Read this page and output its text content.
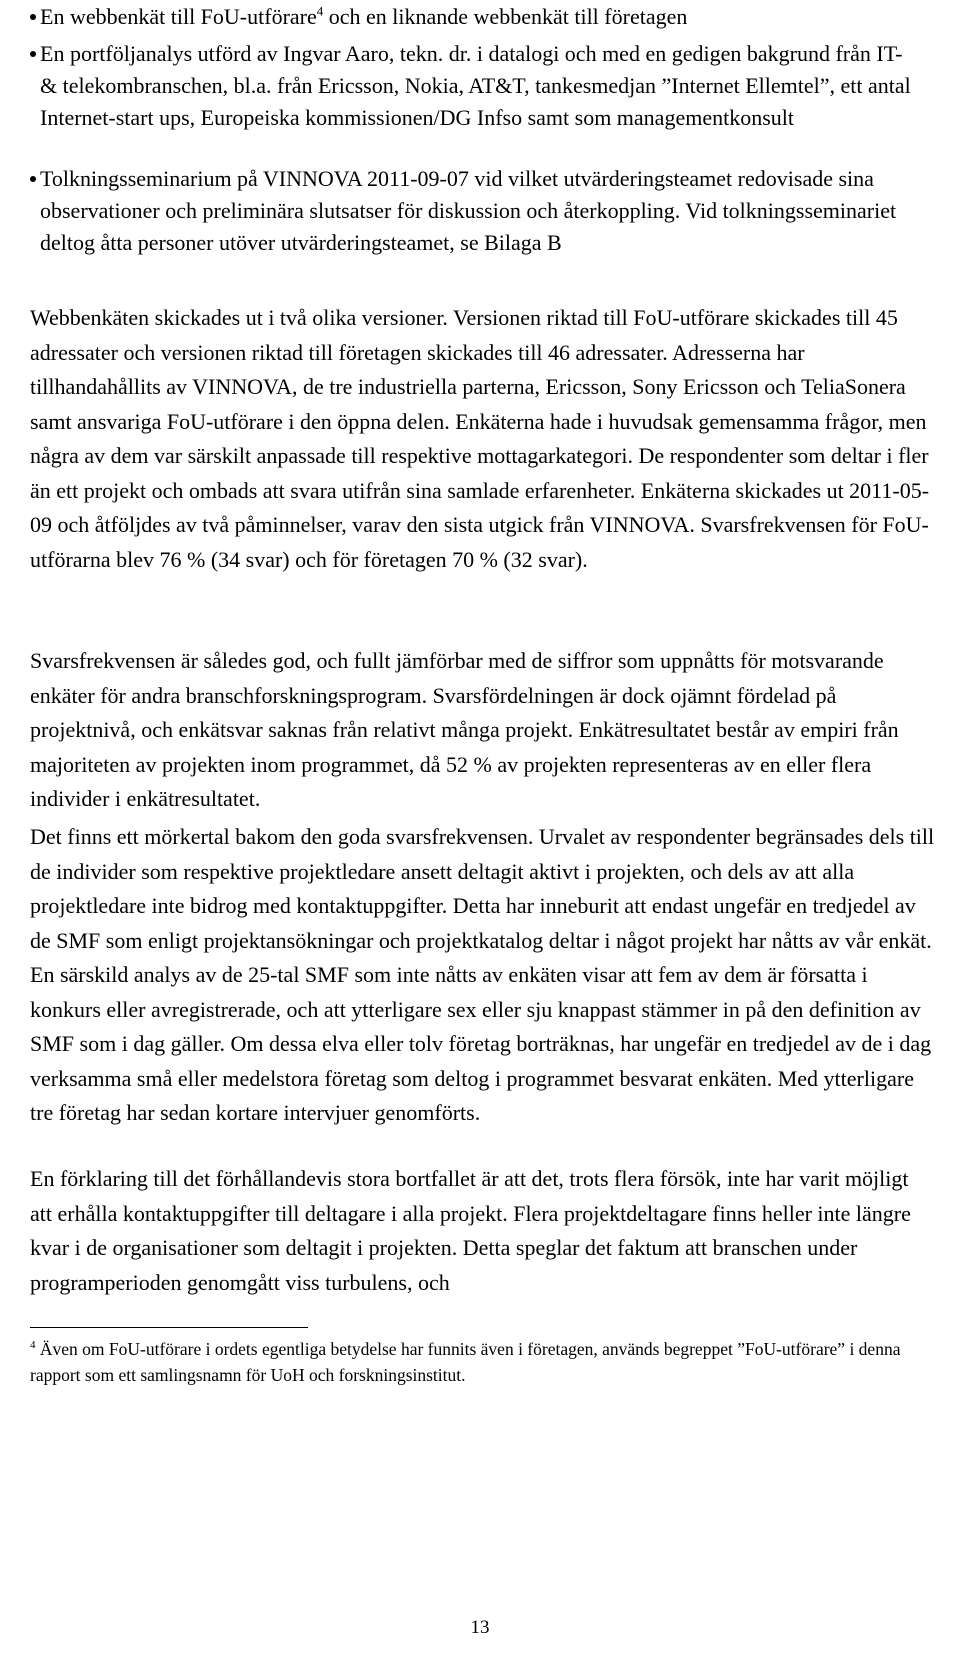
En webbenkät till FoU-utförare$^4$ och en liknande webbenkät till företagen
En portföljanalys utförd av Ingvar Aaro, tekn. dr. i datalogi och med en gedigen bakgrund från IT- & telekombranschen, bl.a. från Ericsson, Nokia, AT&T, tankesmedjan ”Internet Ellemtel”, ett antal Internet-start ups, Europeiska kommissionen/DG Infso samt som managementkonsult
Tolkningsseminarium på VINNOVA 2011-09-07 vid vilket utvärderingsteamet redovisade sina observationer och preliminära slutsatser för diskussion och återkoppling. Vid tolkningsseminariet deltog åtta personer utöver utvärderingsteamet, se Bilaga B

Webbenkäten skickades ut i två olika versioner. Versionen riktad till FoU-utförare skickades till 45 adressater och versionen riktad till företagen skickades till 46 adressater. Adresserna har tillhandahållits av VINNOVA, de tre industriella parterna, Ericsson, Sony Ericsson och TeliaSonera samt ansvariga FoU-utförare i den öppna delen. Enkäterna hade i huvudsak gemensamma frågor, men några av dem var särskilt anpassade till respektive mottagarkategori. De respondenter som deltar i fler än ett projekt och ombads att svara utifrån sina samlade erfarenheter. Enkäterna skickades ut 2011-05-09 och åtföljdes av två påminnelser, varav den sista utgick från VINNOVA. Svarsfrekvensen för FoU-utförarna blev 76 % (34 svar) och för företagen 70 % (32 svar).

Svarsfrekvensen är således god, och fullt jämförbar med de siffror som uppnåtts för motsvarande enkäter för andra branschforskningsprogram. Svarsfördelningen är dock ojämnt fördelad på projektnivå, och enkätsvar saknas från relativt många projekt. Enkätresultatet består av empiri från majoriteten av projekten inom programmet, då 52 % av projekten representeras av en eller flera individer i enkätresultatet.

Det finns ett mörkertal bakom den goda svarsfrekvensen. Urvalet av respondenter begränsades dels till de individer som respektive projektledare ansett deltagit aktivt i projekten, och dels av att alla projektledare inte bidrog med kontaktuppgifter. Detta har inneburit att endast ungefär en tredjedel av de SMF som enligt projektansökningar och projektkatalog deltar i något projekt har nåtts av vår enkät. En särskild analys av de 25-tal SMF som inte nåtts av enkäten visar att fem av dem är försatta i konkurs eller avregistrerade, och att ytterligare sex eller sju knappast stämmer in på den definition av SMF som i dag gäller. Om dessa elva eller tolv företag borträknas, har ungefär en tredjedel av de i dag verksamma små eller medelstora företag som deltog i programmet besvarat enkäten. Med ytterligare tre företag har sedan kortare intervjuer genomförts.

En förklaring till det förhållandevis stora bortfallet är att det, trots flera försök, inte har varit möjligt att erhålla kontaktuppgifter till deltagare i alla projekt. Flera projektdeltagare finns heller inte längre kvar i de organisationer som deltagit i projekten. Detta speglar det faktum att branschen under programperioden genomgått viss turbulens, och

$^4$ Även om FoU-utförare i ordets egentliga betydelse har funnits även i företagen, används begreppet ”FoU-utförare” i denna rapport som ett samlingsnamn för UoH och forskningsinstitut.

13
